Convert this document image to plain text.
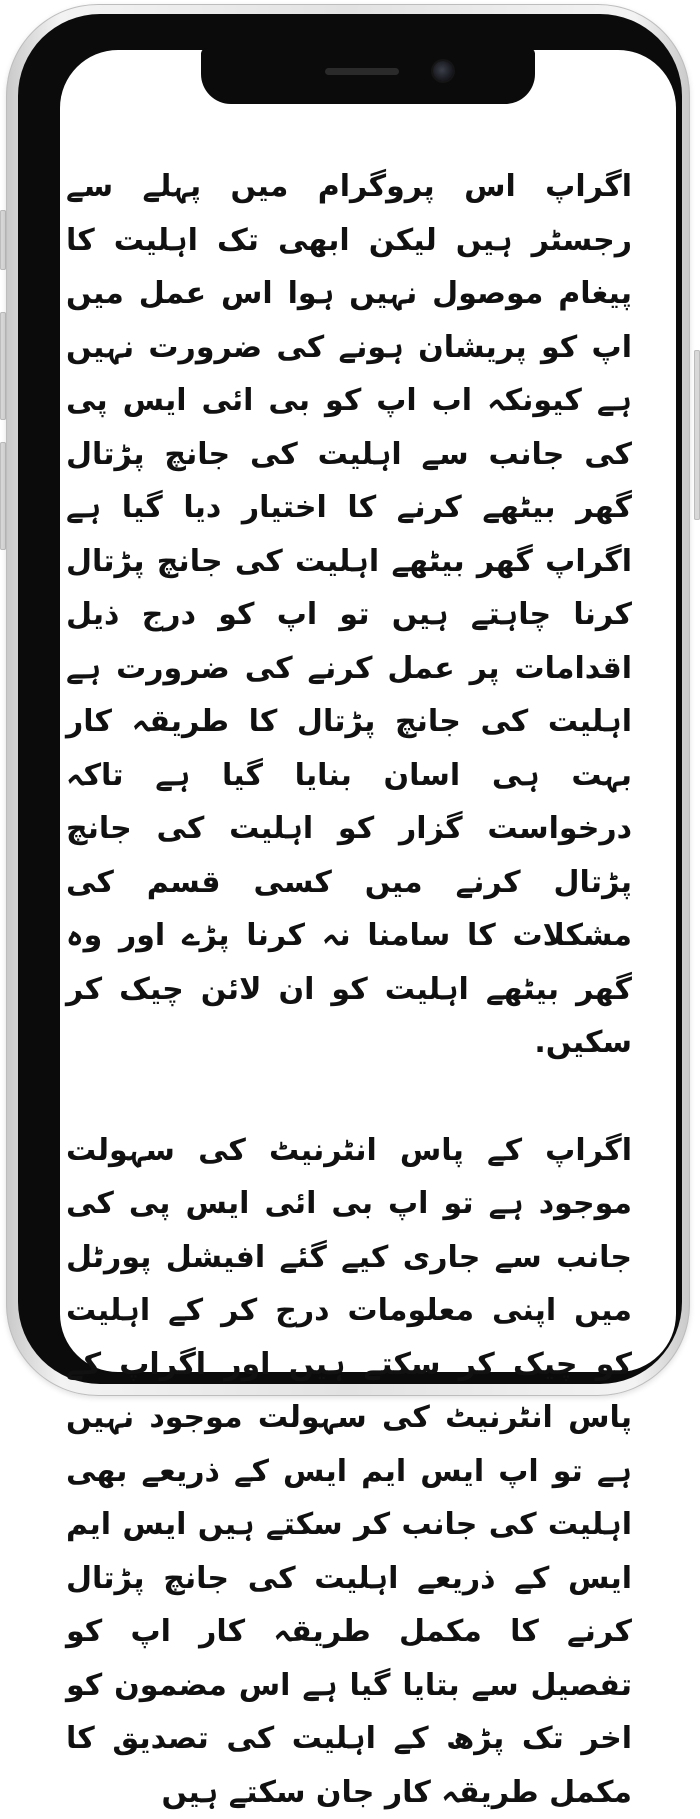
اگراپ اس پروگرام میں پہلے سے رجسٹر ہیں لیکن ابھی تک اہلیت کا پیغام موصول نہیں ہوا اس عمل میں اپ کو پریشان ہونے کی ضرورت نہیں ہے کیونکہ اب اپ کو بی ائی ایس پی کی جانب سے اہلیت کی جانچ پڑتال گھر بیٹھے کرنے کا اختیار دیا گیا ہے اگراپ گھر بیٹھے اہلیت کی جانچ پڑتال کرنا چاہتے ہیں تو اپ کو درج ذیل اقدامات پر عمل کرنے کی ضرورت ہے اہلیت کی جانچ پڑتال کا طریقہ کار بہت ہی اسان بنایا گیا ہے تاکہ درخواست گزار کو اہلیت کی جانچ پڑتال کرنے میں کسی قسم کی مشکلات کا سامنا نہ کرنا پڑے اور وہ گھر بیٹھے اہلیت کو ان لائن چیک کر سکیں.

اگراپ کے پاس انٹرنیٹ کی سہولت موجود ہے تو اپ بی ائی ایس پی کی جانب سے جاری کیے گئے افیشل پورٹل میں اپنی معلومات درج کر کے اہلیت کو چیک کر سکتے ہیں اور اگراپ کے پاس انٹرنیٹ کی سہولت موجود نہیں ہے تو اپ ایس ایم ایس کے ذریعے بھی اہلیت کی جانب کر سکتے ہیں ایس ایم ایس کے ذریعے اہلیت کی جانچ پڑتال کرنے کا مکمل طریقہ کار اپ کو تفصیل سے بتایا گیا ہے اس مضمون کو اخر تک پڑھ کے اہلیت کی تصدیق کا مکمل طریقہ کار جان سکتے ہیں
